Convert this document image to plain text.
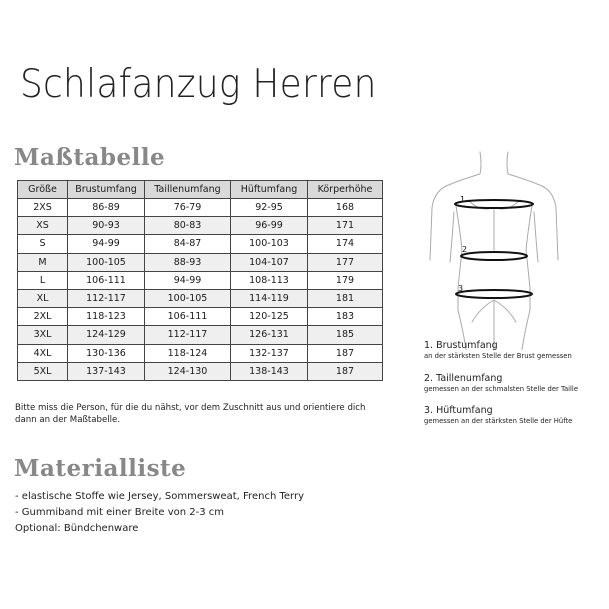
Schlafanzug Herren
Maßtabelle
Größe	Brustumfang	Taillenumfang	Hüftumfang	Körperhöhe
2XS	86-89	76-79	92-95	168
XS	90-93	80-83	96-99	171
S	94-99	84-87	100-103	174
M	100-105	88-93	104-107	177
L	106-111	94-99	108-113	179
XL	112-117	100-105	114-119	181
2XL	118-123	106-111	120-125	183
3XL	124-129	112-117	126-131	185
4XL	130-136	118-124	132-137	187
5XL	137-143	124-130	138-143	187
Bitte miss die Person, für die du nähst, vor dem Zuschnitt aus und orientiere dich dann an der Maßtabelle.
1
2
3
1. Brustumfang
an der stärksten Stelle der Brust gemessen
2. Taillenumfang
gemessen an der schmalsten Stelle der Taille
3. Hüftumfang
gemessen an der stärksten Stelle der Hüfte
Materialliste
- elastische Stoffe wie Jersey, Sommersweat, French Terry
- Gummiband mit einer Breite von 2-3 cm
Optional: Bündchenware
